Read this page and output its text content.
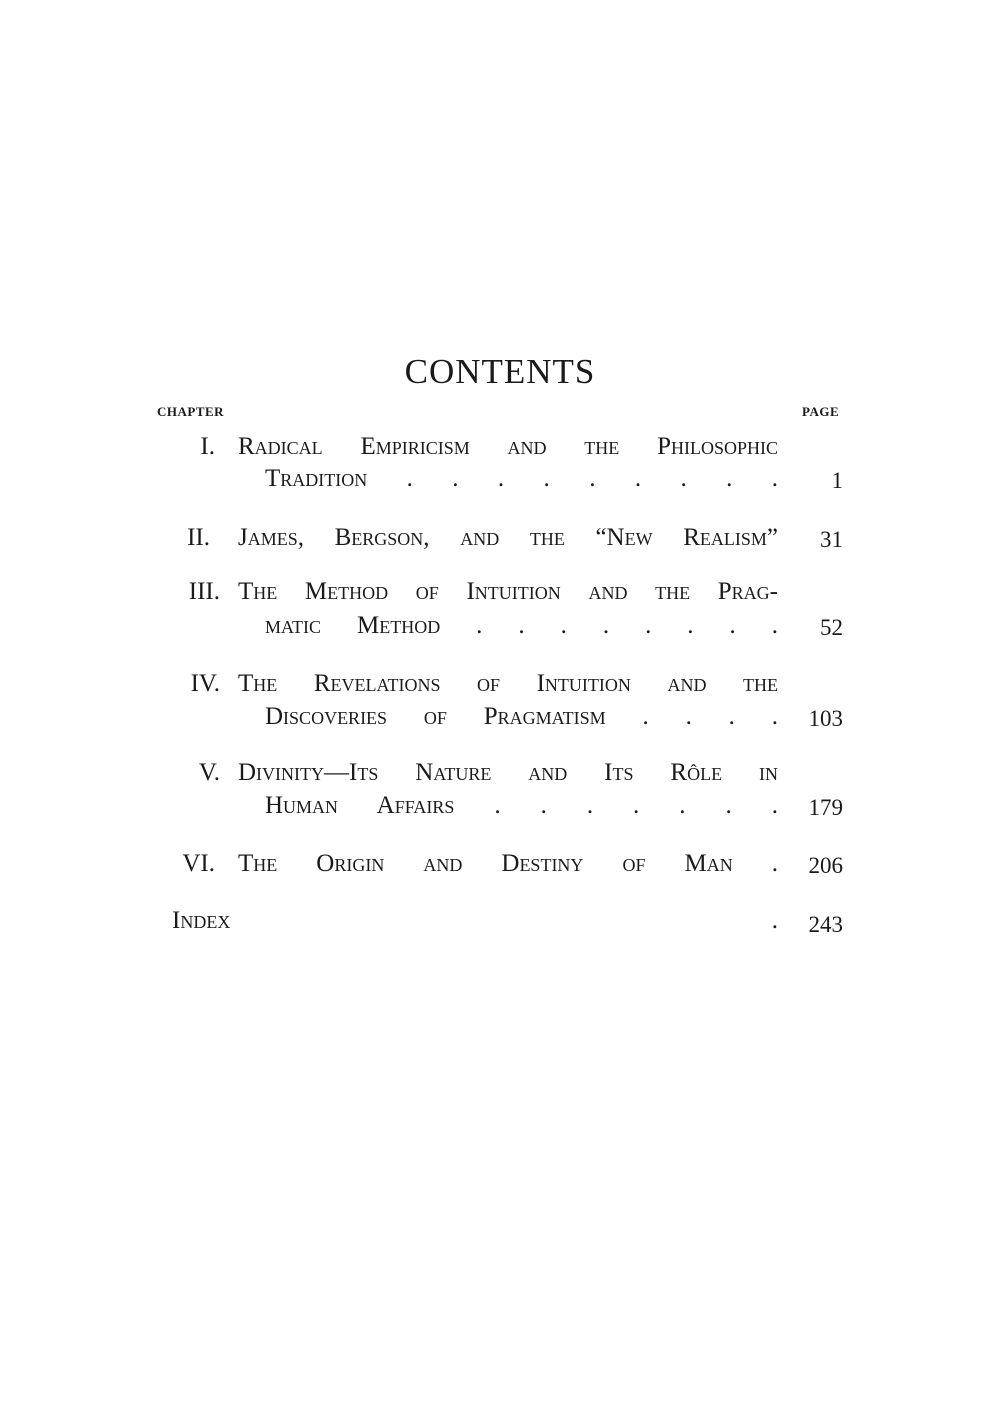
CONTENTS
CHAPTER	PAGE
I. Radical Empiricism and the Philosophic
Tradition . . . . . . . . .	1
II. James, Bergson, and the “New Realism”	31
III. The Method of Intuition and the Prag-
matic Method . . . . . . . .	52
IV. The Revelations of Intuition and the
Discoveries of Pragmatism . . . .	103
V. Divinity—Its Nature and Its Rôle in
Human Affairs . . . . . . .	179
VI. The Origin and Destiny of Man .	206
Index .	243
